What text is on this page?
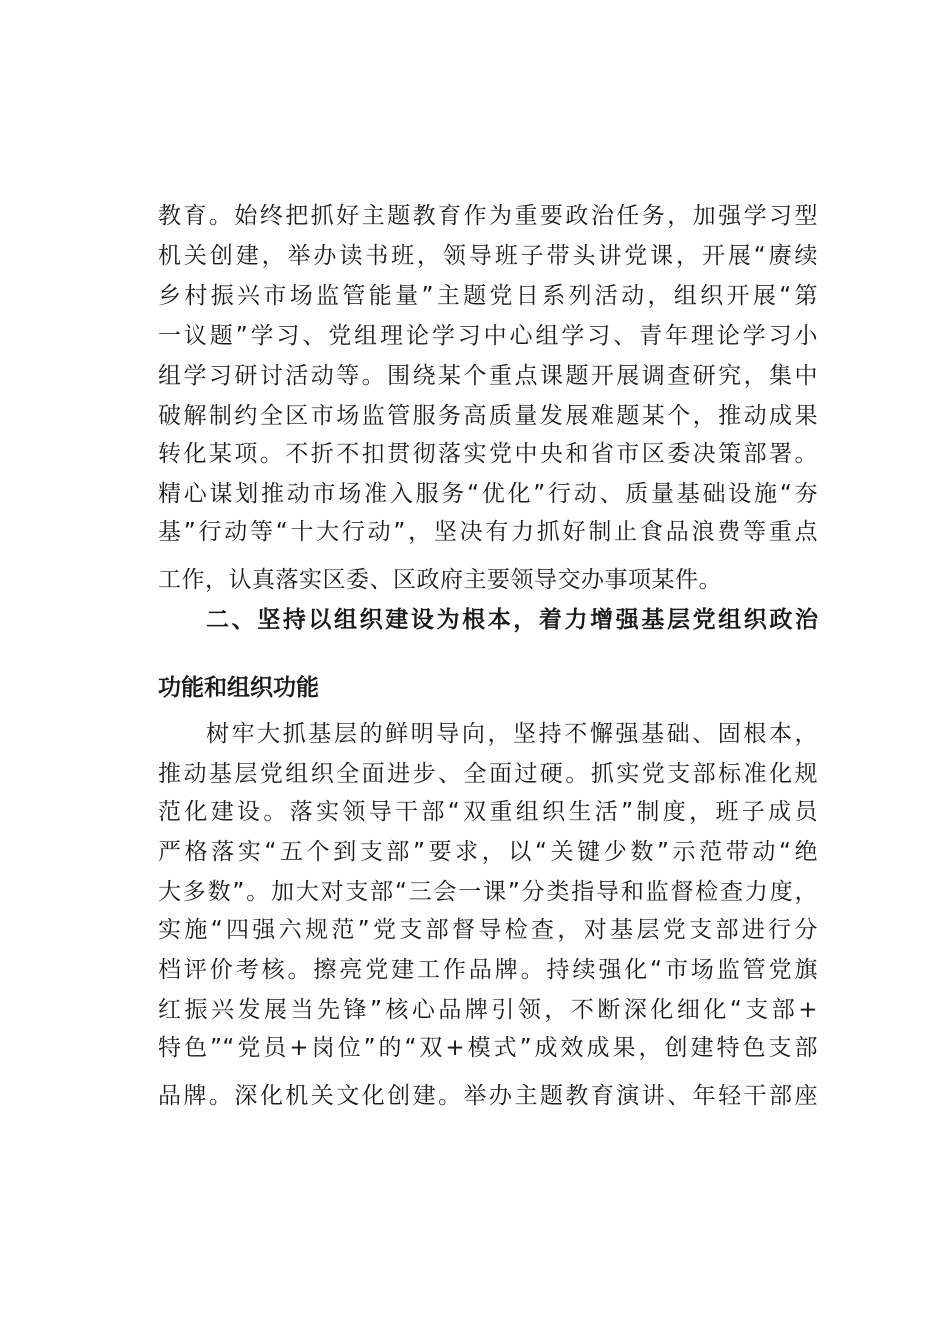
教育。始终把抓好主题教育作为重要政治任务，加强学习型
机关创建，举办读书班，领导班子带头讲党课，开展“赓续
乡村振兴市场监管能量”主题党日系列活动，组织开展“第
一议题”学习、党组理论学习中心组学习、青年理论学习小
组学习研讨活动等。围绕某个重点课题开展调查研究，集中
破解制约全区市场监管服务高质量发展难题某个，推动成果
转化某项。不折不扣贯彻落实党中央和省市区委决策部署。
精心谋划推动市场准入服务“优化”行动、质量基础设施“夯
基”行动等“十大行动”，坚决有力抓好制止食品浪费等重点
工作，认真落实区委、区政府主要领导交办事项某件。
二、坚持以组织建设为根本，着力增强基层党组织政治
功能和组织功能
树牢大抓基层的鲜明导向，坚持不懈强基础、固根本，
推动基层党组织全面进步、全面过硬。抓实党支部标准化规
范化建设。落实领导干部“双重组织生活”制度，班子成员
严格落实“五个到支部”要求，以“关键少数”示范带动“绝
大多数”。加大对支部“三会一课”分类指导和监督检查力度，
实施“四强六规范”党支部督导检查，对基层党支部进行分
档评价考核。擦亮党建工作品牌。持续强化“市场监管党旗
红振兴发展当先锋”核心品牌引领，不断深化细化“支部+
特色”“党员+岗位”的“双+模式”成效成果，创建特色支部
品牌。深化机关文化创建。举办主题教育演讲、年轻干部座
